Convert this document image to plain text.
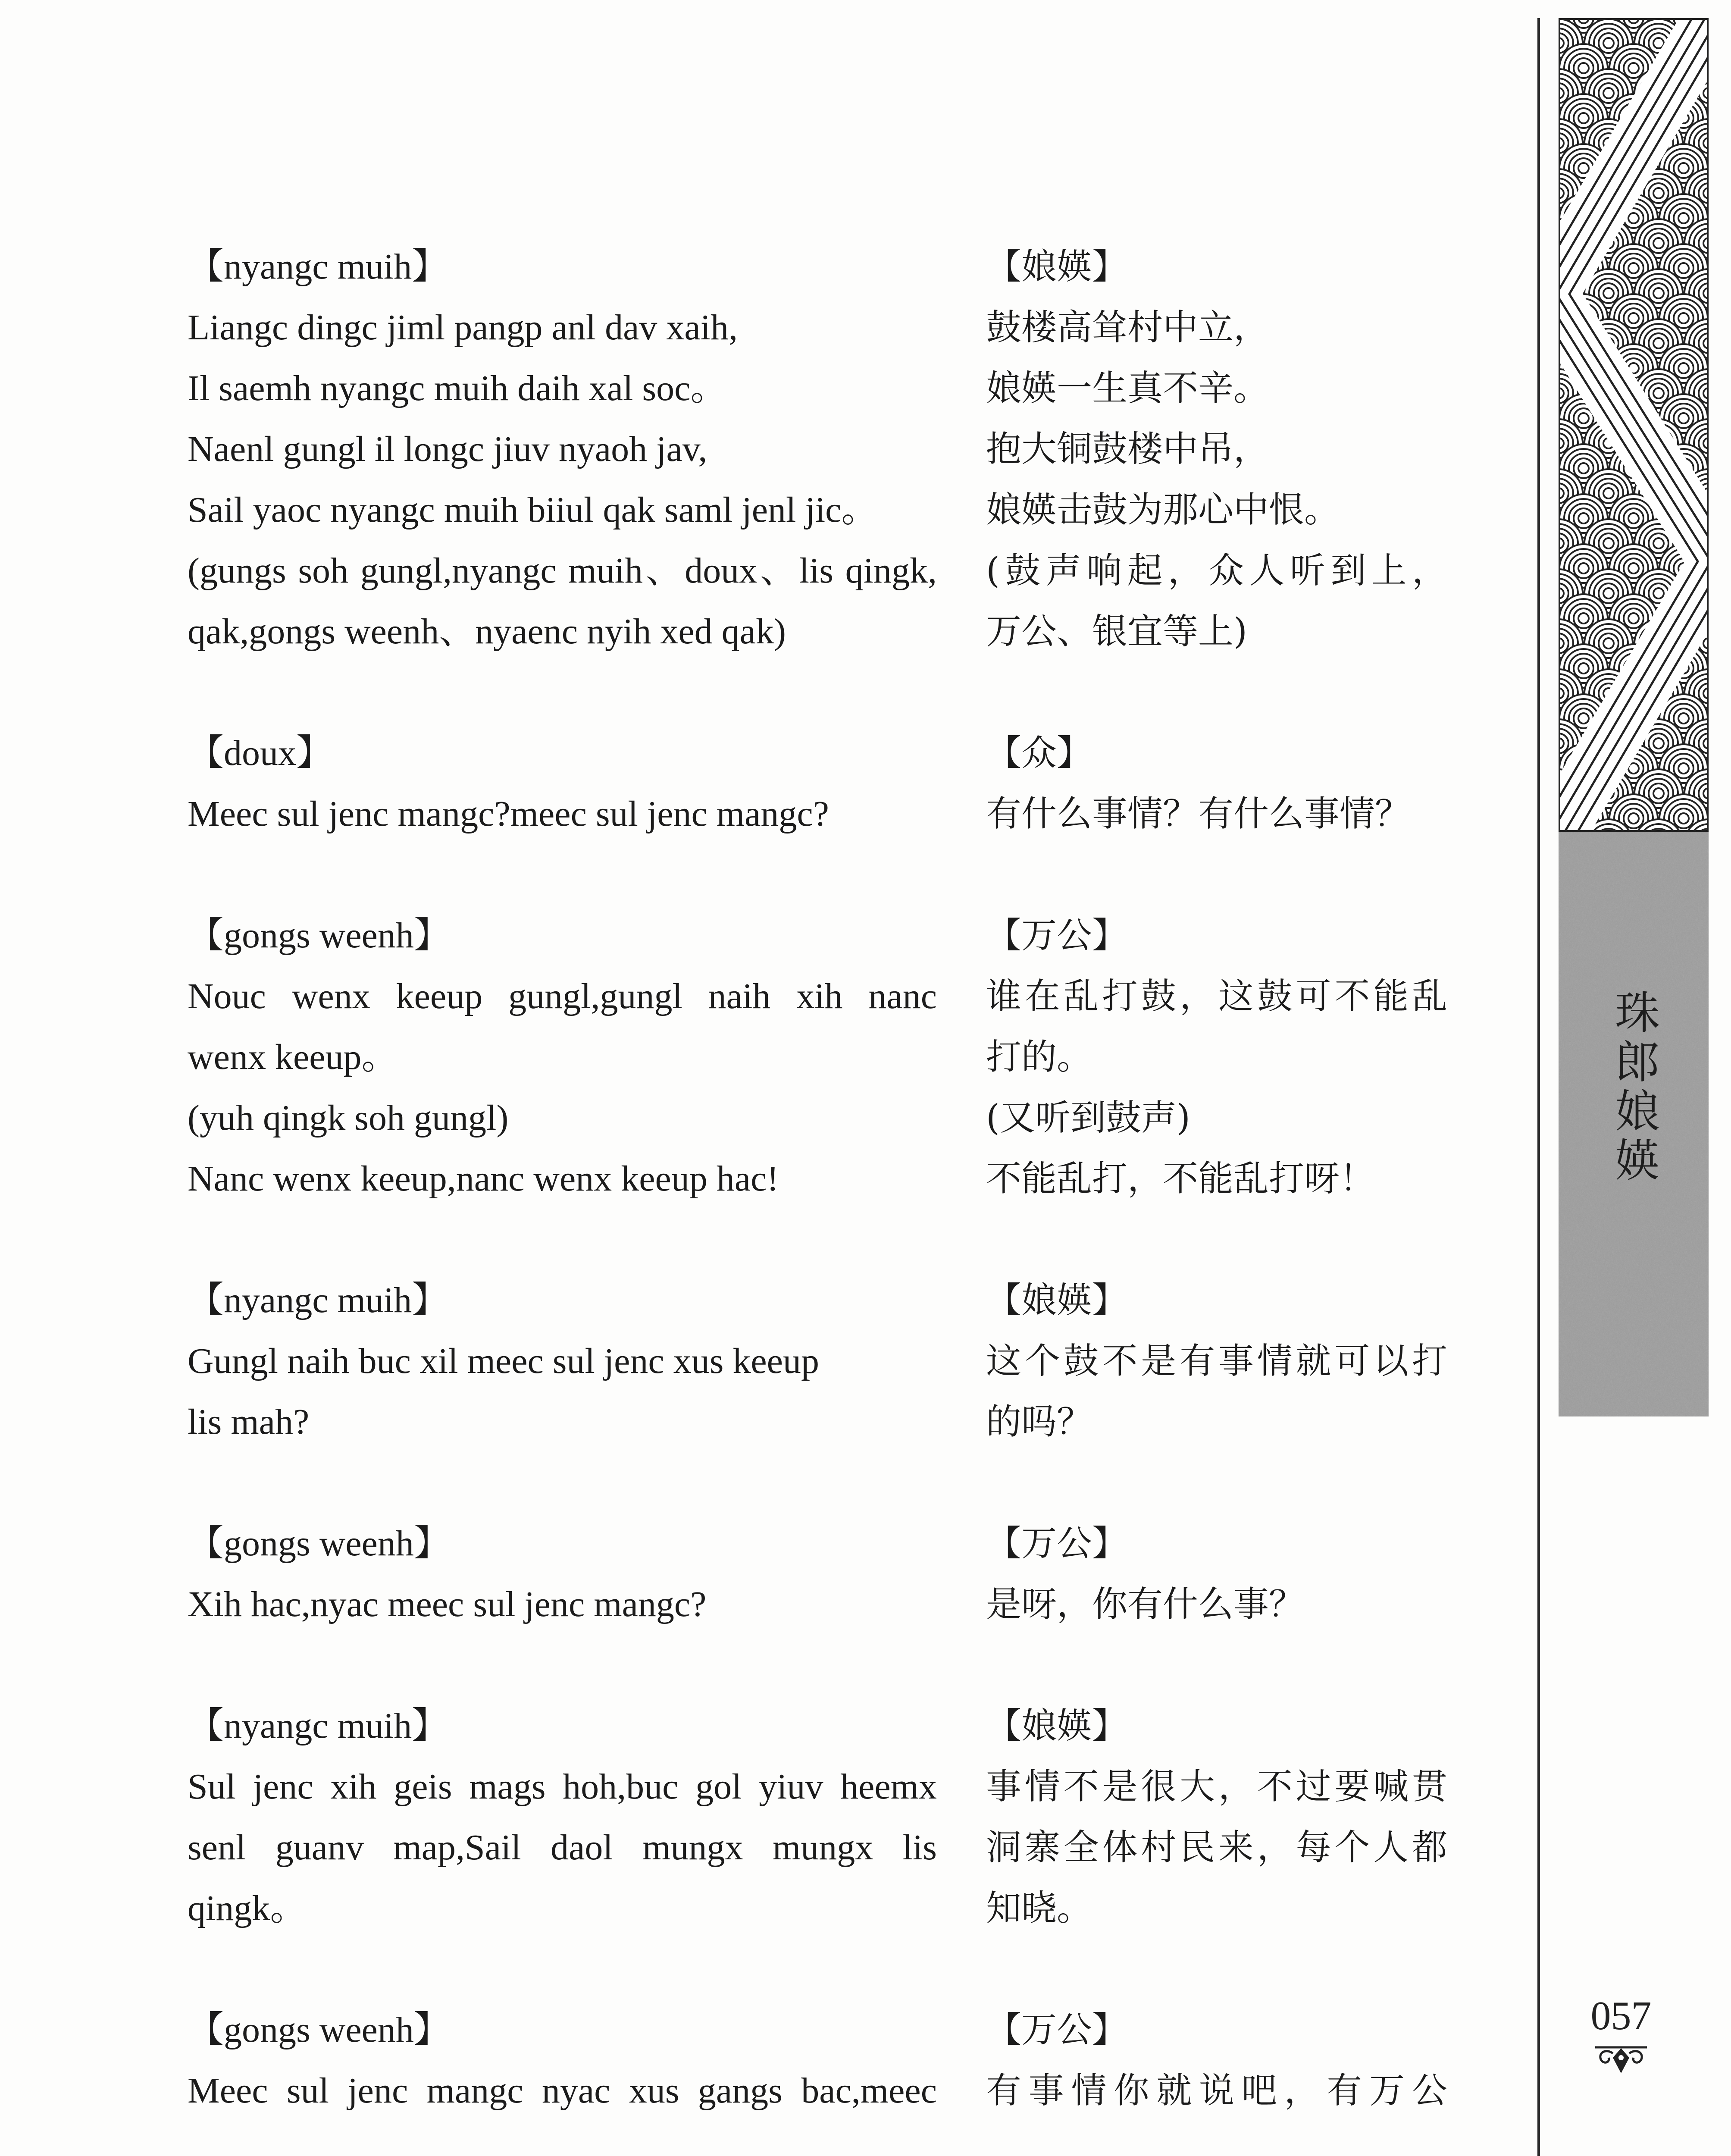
【nyangc muih】	【娘媖】
Liangc dingc jiml pangp anl dav xaih,	鼓楼高耸村中立，
Il saemh nyangc muih daih xal soc。	娘媖一生真不辛。
Naenl gungl il longc jiuv nyaoh jav,	抱大铜鼓楼中吊，
Sail yaoc nyangc muih biiul qak saml jenl jic。	娘媖击鼓为那心中恨。
(gungs soh gungl,nyangc muih、doux、lis qingk, (鼓声响起，众人听到上，
qak,gongs weenh、nyaenc nyih xed qak)	万公、银宜等上)
【doux】	【众】
Meec sul jenc mangc?meec sul jenc mangc?	有什么事情？有什么事情？
【gongs weenh】	【万公】
Nouc wenx keeup gungl,gungl naih xih nanc 谁在乱打鼓，这鼓可不能乱
wenx keeup。	打的。
(yuh qingk soh gungl)	(又听到鼓声)
Nanc wenx keeup,nanc wenx keeup hac!	不能乱打，不能乱打呀！
【nyangc muih】	【娘媖】
Gungl naih buc xil meec sul jenc xus keeup	这个鼓不是有事情就可以打
lis mah?	的吗？
【gongs weenh】	【万公】
Xih hac,nyac meec sul jenc mangc?	是呀，你有什么事？
【nyangc muih】	【娘媖】
Sul jenc xih geis mags hoh,buc gol yiuv heemx 事情不是很大，不过要喊贯
senl guanv map,Sail daol mungx mungx lis 洞寨全体村民来，每个人都
qingk。	知晓。
【gongs weenh】	【万公】
Meec sul jenc mangc nyac xus gangs bac,meec 有事情你就说吧，有万公
珠郎娘媖
057
